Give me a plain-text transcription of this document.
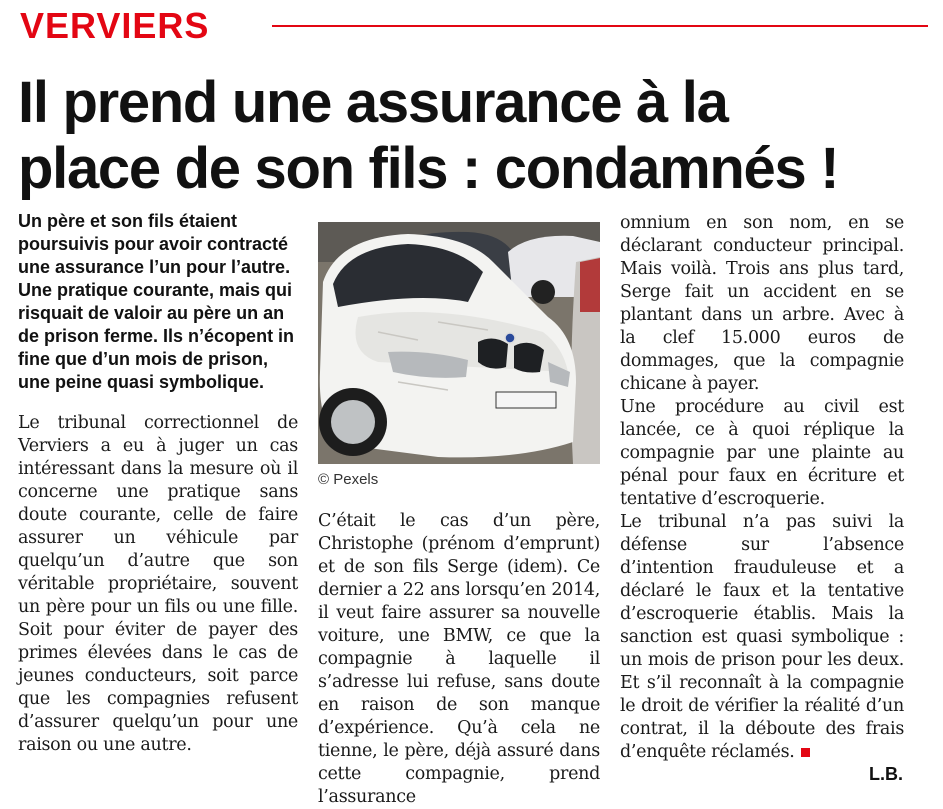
VERVIERS
Il prend une assurance à la
place de son fils : condamnés !

Un père et son fils étaient poursuivis pour avoir contracté une assurance l’un pour l’autre. Une pratique courante, mais qui risquait de valoir au père un an de prison ferme. Ils n’écopent in fine que d’un mois de prison, une peine quasi symbolique.

Le tribunal correctionnel de Verviers a eu à juger un cas intéressant dans la mesure où il concerne une pratique sans doute courante, celle de faire assurer un véhicule par quelqu’un d’autre que son véritable propriétaire, souvent un père pour un fils ou une fille. Soit pour éviter de payer des primes élevées dans le cas de jeunes conducteurs, soit parce que les compagnies refusent d’assurer quelqu’un pour une raison ou une autre.

© Pexels

C’était le cas d’un père, Christophe (prénom d’emprunt) et de son fils Serge (idem). Ce dernier a 22 ans lorsqu’en 2014, il veut faire assurer sa nouvelle voiture, une BMW, ce que la compagnie à laquelle il s’adresse lui refuse, sans doute en raison de son manque d’expérience. Qu’à cela ne tienne, le père, déjà assuré dans cette compagnie, prend l’assurance

omnium en son nom, en se déclarant conducteur principal. Mais voilà. Trois ans plus tard, Serge fait un accident en se plantant dans un arbre. Avec à la clef 15.000 euros de dommages, que la compagnie chicane à payer.

Une procédure au civil est lancée, ce à quoi réplique la compagnie par une plainte au pénal pour faux en écriture et tentative d’escroquerie.

Le tribunal n’a pas suivi la défense sur l’absence d’intention frauduleuse et a déclaré le faux et la tentative d’escroquerie établis. Mais la sanction est quasi symbolique : un mois de prison pour les deux. Et s’il reconnaît à la compagnie le droit de vérifier la réalité d’un contrat, il la déboute des frais d’enquête réclamés.

L.B.
